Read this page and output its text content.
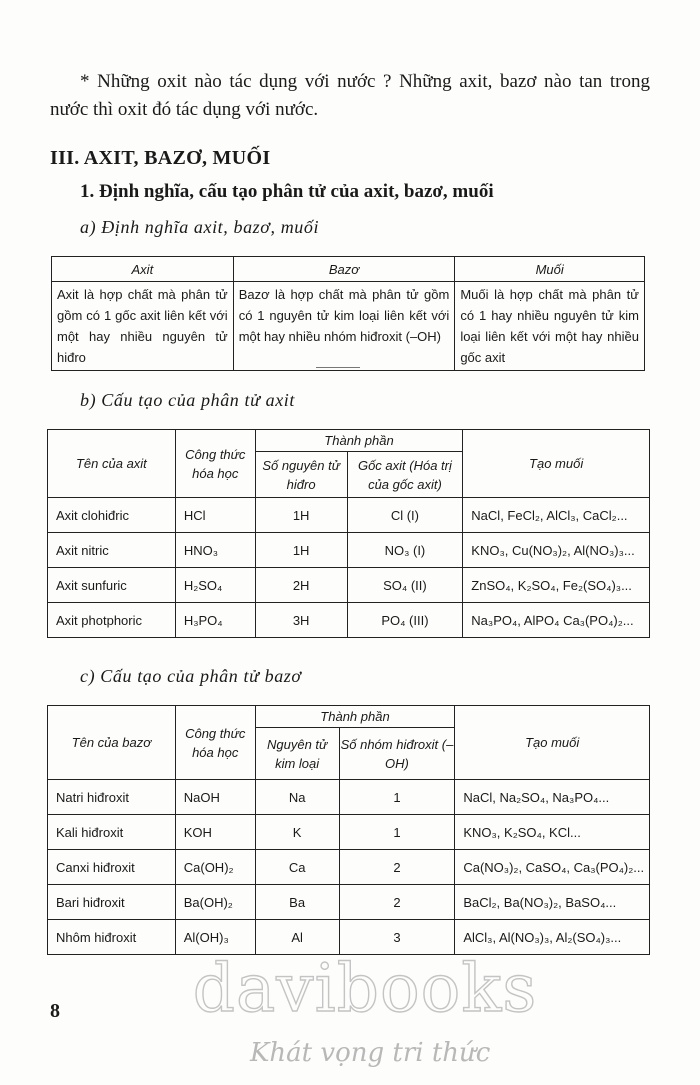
* Những oxit nào tác dụng với nước ? Những axit, bazơ nào tan trong nước thì oxit đó tác dụng với nước.

III. AXIT, BAZƠ, MUỐI
1. Định nghĩa, cấu tạo phân tử của axit, bazơ, muối
a) Định nghĩa axit, bazơ, muối
Axit	Bazơ	Muối
Axit là hợp chất mà phân tử gồm có 1 gốc axit liên kết với một hay nhiều nguyên tử hiđro	Bazơ là hợp chất mà phân tử gồm có 1 nguyên tử kim loại liên kết với một hay nhiều nhóm hiđroxit (–OH)	Muối là hợp chất mà phân tử có 1 hay nhiều nguyên tử kim loại liên kết với một hay nhiều gốc axit
b) Cấu tạo của phân tử axit
Tên của axit	Công thức hóa học	Thành phần		Tạo muối
		Số nguyên tử hiđro	Gốc axit (Hóa trị của gốc axit)	
Axit clohiđric	HCl	1H	Cl (I)	NaCl, FeCl₂, AlCl₃, CaCl₂...
Axit nitric	HNO₃	1H	NO₃ (I)	KNO₃, Cu(NO₃)₂, Al(NO₃)₃...
Axit sunfuric	H₂SO₄	2H	SO₄ (II)	ZnSO₄, K₂SO₄, Fe₂(SO₄)₃...
Axit photphoric	H₃PO₄	3H	PO₄ (III)	Na₃PO₄, AlPO₄ Ca₃(PO₄)₂...
c) Cấu tạo của phân tử bazơ
Tên của bazơ	Công thức hóa học	Thành phần		Tạo muối
		Nguyên tử kim loại	Số nhóm hiđroxit (–OH)	
Natri hiđroxit	NaOH	Na	1	NaCl, Na₂SO₄, Na₃PO₄...
Kali hiđroxit	KOH	K	1	KNO₃, K₂SO₄, KCl...
Canxi hiđroxit	Ca(OH)₂	Ca	2	Ca(NO₃)₂, CaSO₄, Ca₃(PO₄)₂...
Bari hiđroxit	Ba(OH)₂	Ba	2	BaCl₂, Ba(NO₃)₂, BaSO₄...
Nhôm hiđroxit	Al(OH)₃	Al	3	AlCl₃, Al(NO₃)₃, Al₂(SO₄)₃...
8	davibooks
Khát vọng tri thức
